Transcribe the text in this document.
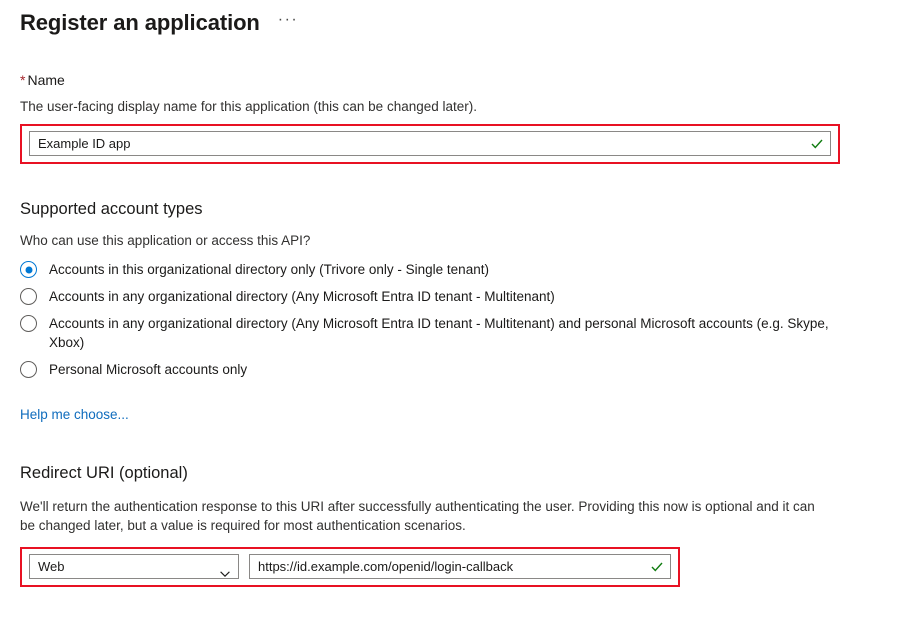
Register an application ···
* Name
The user-facing display name for this application (this can be changed later).
Example ID app
Supported account types
Who can use this application or access this API?
Accounts in this organizational directory only (Trivore only - Single tenant)
Accounts in any organizational directory (Any Microsoft Entra ID tenant - Multitenant)
Accounts in any organizational directory (Any Microsoft Entra ID tenant - Multitenant) and personal Microsoft accounts (e.g. Skype, Xbox)
Personal Microsoft accounts only
Help me choose...
Redirect URI (optional)
We'll return the authentication response to this URI after successfully authenticating the user. Providing this now is optional and it can be changed later, but a value is required for most authentication scenarios.
Web
https://id.example.com/openid/login-callback
